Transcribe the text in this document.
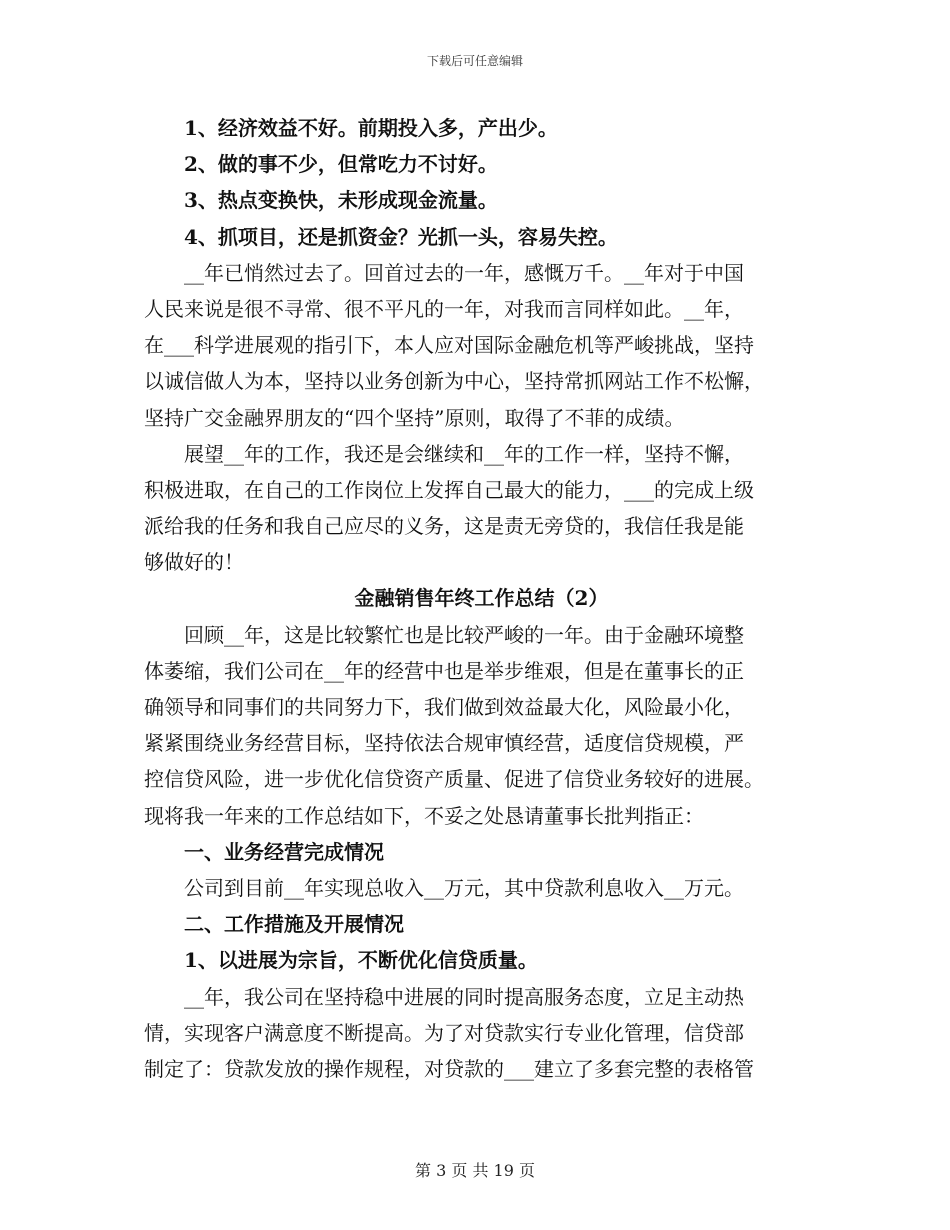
下载后可任意编辑
1、经济效益不好。前期投入多，产出少。
2、做的事不少，但常吃力不讨好。
3、热点变换快，未形成现金流量。
4、抓项目，还是抓资金？光抓一头，容易失控。
__年已悄然过去了。回首过去的一年，感慨万千。__年对于中国
人民来说是很不寻常、很不平凡的一年，对我而言同样如此。__年，
在___科学进展观的指引下，本人应对国际金融危机等严峻挑战，坚持
以诚信做人为本，坚持以业务创新为中心，坚持常抓网站工作不松懈，
坚持广交金融界朋友的“四个坚持”原则，取得了不菲的成绩。
展望__年的工作，我还是会继续和__年的工作一样，坚持不懈，
积极进取，在自己的工作岗位上发挥自己最大的能力，___的完成上级
派给我的任务和我自己应尽的义务，这是责无旁贷的，我信任我是能
够做好的！
金融销售年终工作总结（2）
回顾__年，这是比较繁忙也是比较严峻的一年。由于金融环境整
体萎缩，我们公司在__年的经营中也是举步维艰，但是在董事长的正
确领导和同事们的共同努力下，我们做到效益最大化，风险最小化，
紧紧围绕业务经营目标，坚持依法合规审慎经营，适度信贷规模，严
控信贷风险，进一步优化信贷资产质量、促进了信贷业务较好的进展。
现将我一年来的工作总结如下，不妥之处恳请董事长批判指正：
一、业务经营完成情况
公司到目前__年实现总收入__万元，其中贷款利息收入__万元。
二、工作措施及开展情况
1、以进展为宗旨，不断优化信贷质量。
__年，我公司在坚持稳中进展的同时提高服务态度，立足主动热
情，实现客户满意度不断提高。为了对贷款实行专业化管理，信贷部
制定了：贷款发放的操作规程，对贷款的___建立了多套完整的表格管
第 3 页 共 19 页
